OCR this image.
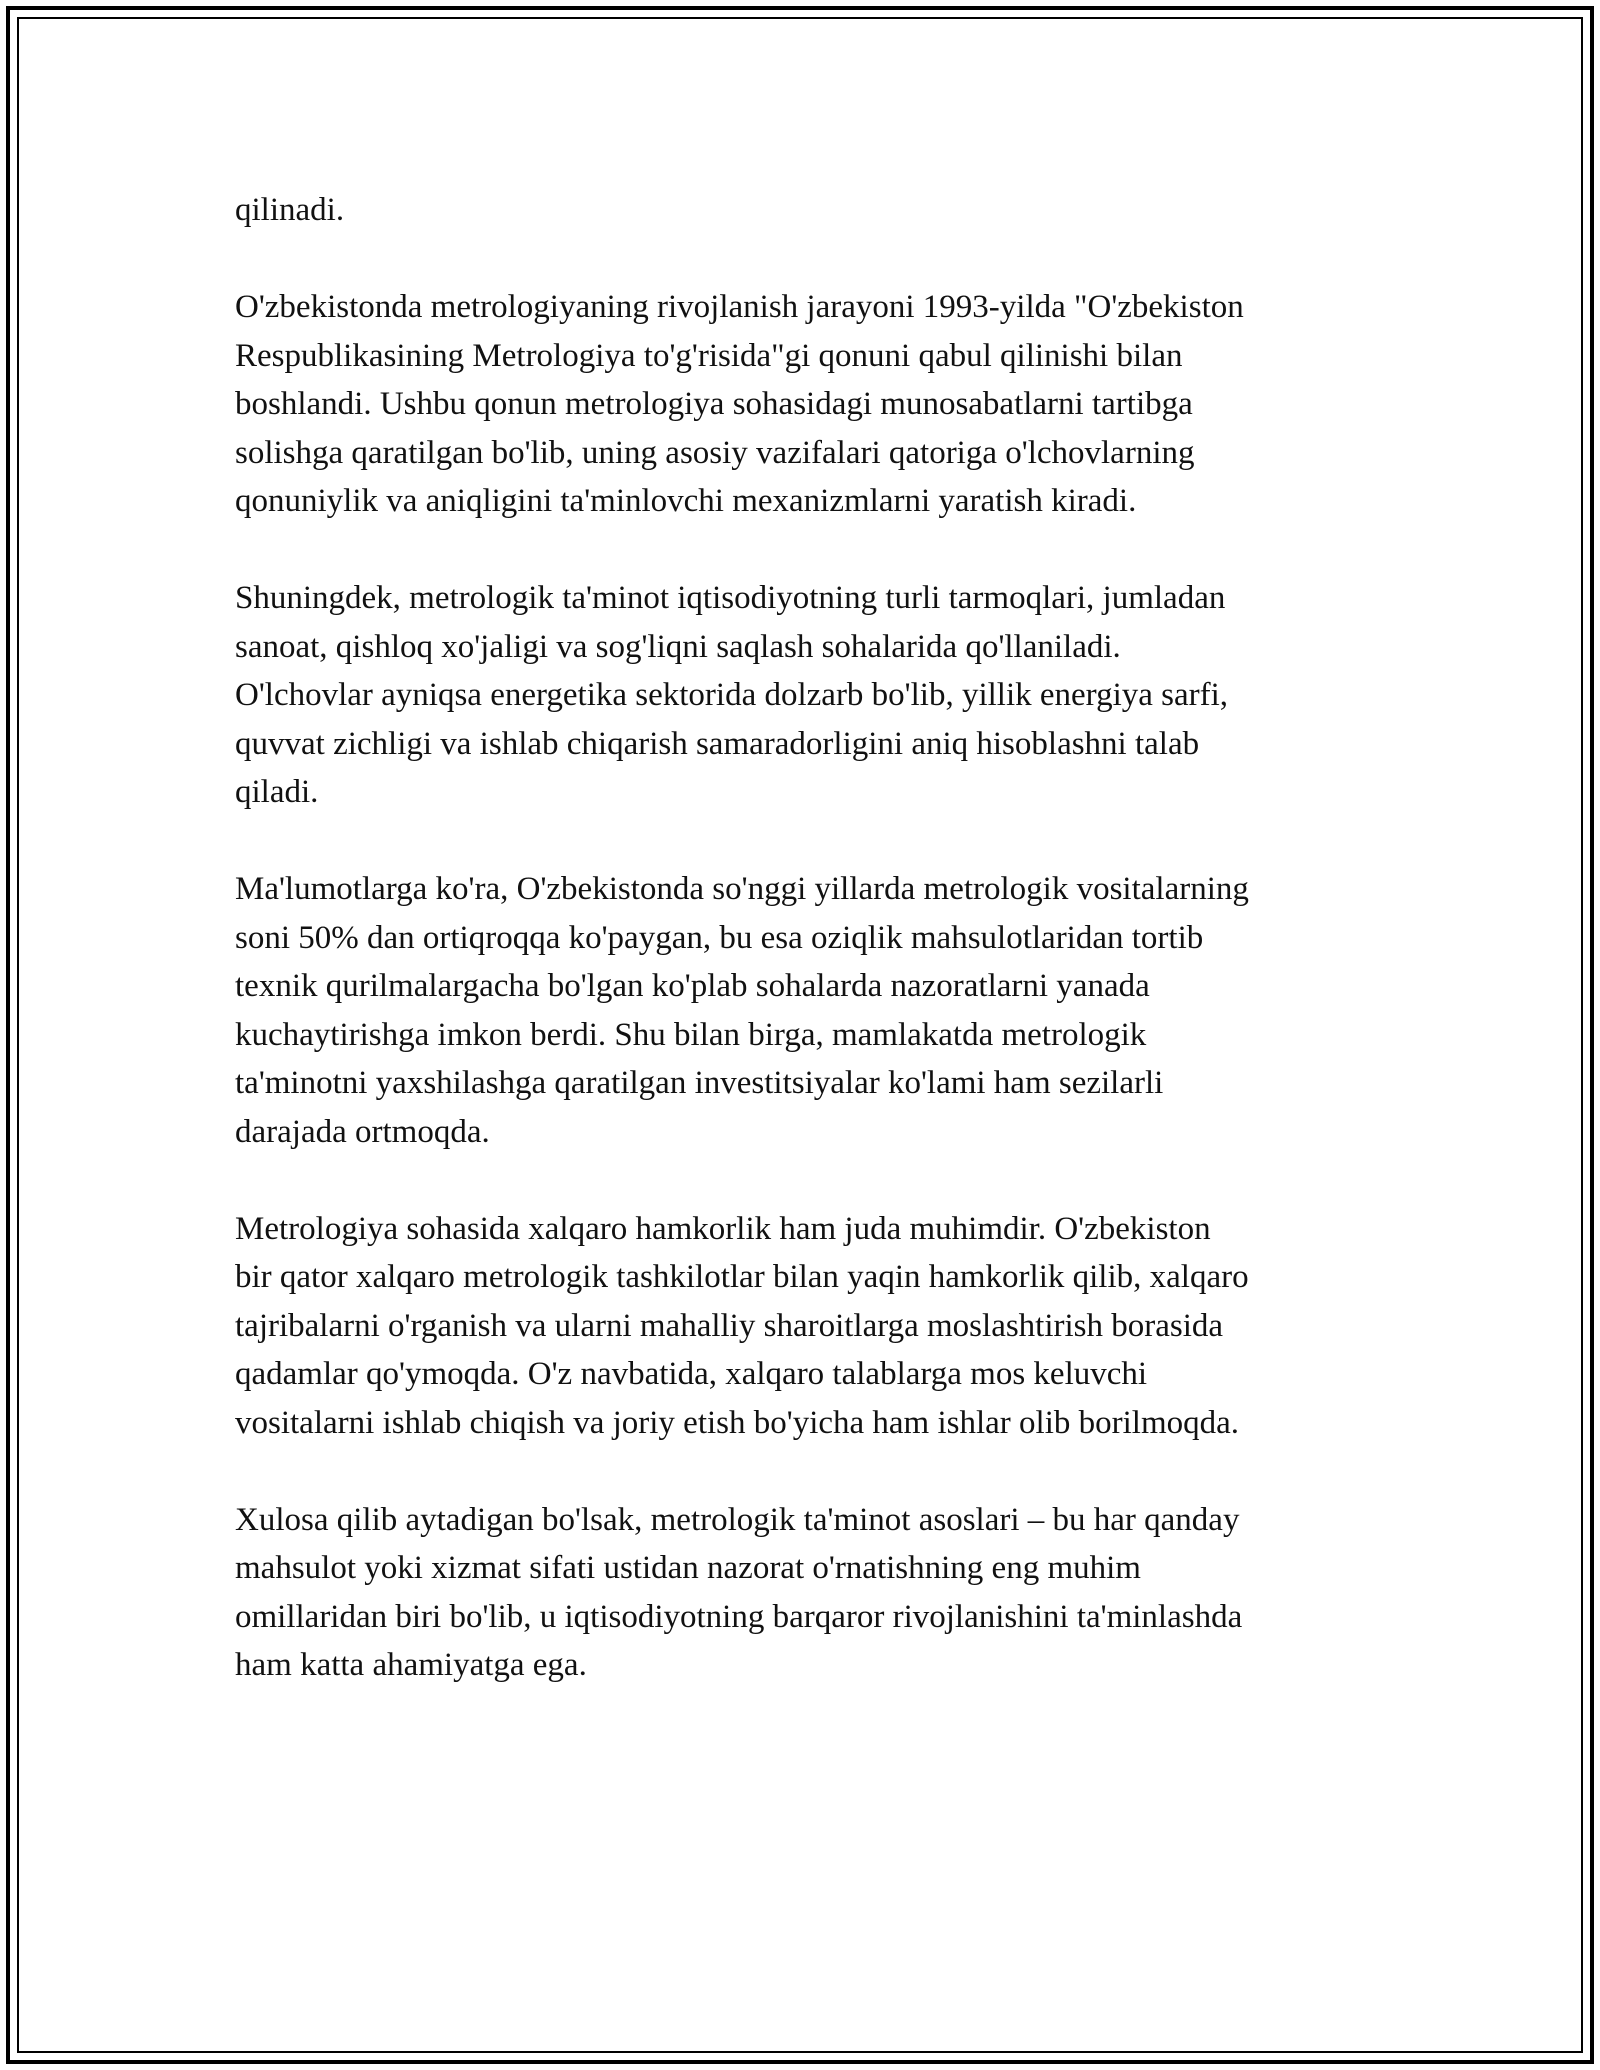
qilinadi.

O'zbekistonda metrologiyaning rivojlanish jarayoni 1993-yilda "O'zbekiston
Respublikasining Metrologiya to'g'risida"gi qonuni qabul qilinishi bilan
boshlandi. Ushbu qonun metrologiya sohasidagi munosabatlarni tartibga
solishga qaratilgan bo'lib, uning asosiy vazifalari qatoriga o'lchovlarning
qonuniylik va aniqligini ta'minlovchi mexanizmlarni yaratish kiradi.

Shuningdek, metrologik ta'minot iqtisodiyotning turli tarmoqlari, jumladan
sanoat, qishloq xo'jaligi va sog'liqni saqlash sohalarida qo'llaniladi.
O'lchovlar ayniqsa energetika sektorida dolzarb bo'lib, yillik energiya sarfi,
quvvat zichligi va ishlab chiqarish samaradorligini aniq hisoblashni talab
qiladi.

Ma'lumotlarga ko'ra, O'zbekistonda so'nggi yillarda metrologik vositalarning
soni 50% dan ortiqroqqa ko'paygan, bu esa oziqlik mahsulotlaridan tortib
texnik qurilmalargacha bo'lgan ko'plab sohalarda nazoratlarni yanada
kuchaytirishga imkon berdi. Shu bilan birga, mamlakatda metrologik
ta'minotni yaxshilashga qaratilgan investitsiyalar ko'lami ham sezilarli
darajada ortmoqda.

Metrologiya sohasida xalqaro hamkorlik ham juda muhimdir. O'zbekiston
bir qator xalqaro metrologik tashkilotlar bilan yaqin hamkorlik qilib, xalqaro
tajribalarni o'rganish va ularni mahalliy sharoitlarga moslashtirish borasida
qadamlar qo'ymoqda. O'z navbatida, xalqaro talablarga mos keluvchi
vositalarni ishlab chiqish va joriy etish bo'yicha ham ishlar olib borilmoqda.

Xulosa qilib aytadigan bo'lsak, metrologik ta'minot asoslari – bu har qanday
mahsulot yoki xizmat sifati ustidan nazorat o'rnatishning eng muhim
omillaridan biri bo'lib, u iqtisodiyotning barqaror rivojlanishini ta'minlashda
ham katta ahamiyatga ega.
